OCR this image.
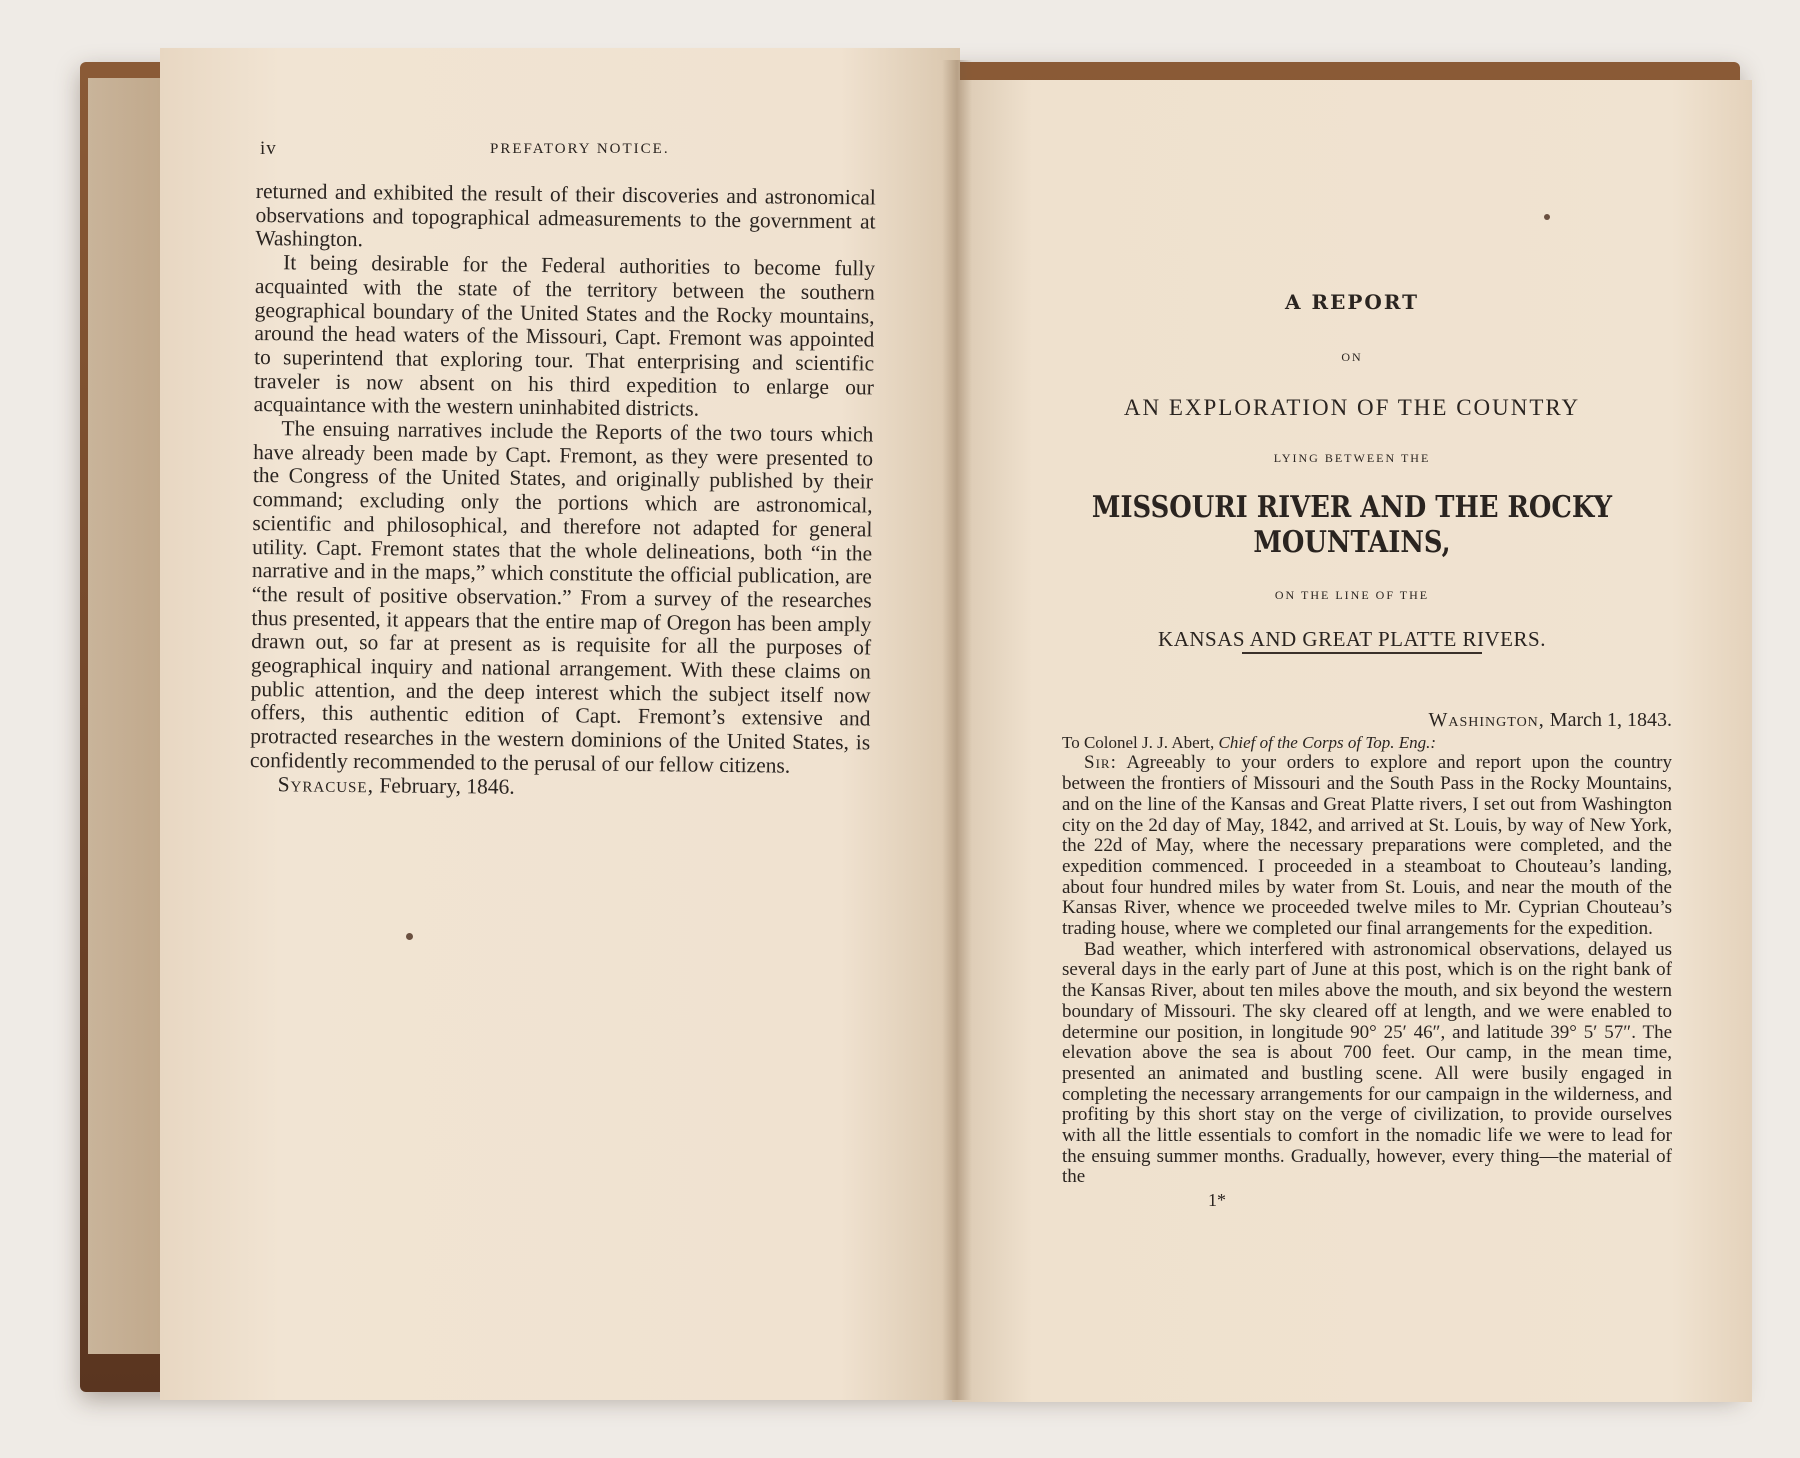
iv	PREFATORY NOTICE.

returned and exhibited the result of their discoveries and astronomical observations and topographical admeasurements to the government at Washington.

It being desirable for the Federal authorities to become fully acquainted with the state of the territory between the southern geographical boundary of the United States and the Rocky mountains, around the head waters of the Missouri, Capt. Fremont was appointed to superintend that exploring tour. That enterprising and scientific traveler is now absent on his third expedition to enlarge our acquaintance with the western uninhabited districts.

The ensuing narratives include the Reports of the two tours which have already been made by Capt. Fremont, as they were presented to the Congress of the United States, and originally published by their command; excluding only the portions which are astronomical, scientific and philosophical, and therefore not adapted for general utility. Capt. Fremont states that the whole delineations, both “in the narrative and in the maps,” which constitute the official publication, are “the result of positive observation.” From a survey of the researches thus presented, it appears that the entire map of Oregon has been amply drawn out, so far at present as is requisite for all the purposes of geographical inquiry and national arrangement. With these claims on public attention, and the deep interest which the subject itself now offers, this authentic edition of Capt. Fremont’s extensive and protracted researches in the western dominions of the United States, is confidently recommended to the perusal of our fellow citizens.

Syracuse, February, 1846.

A REPORT
ON
AN EXPLORATION OF THE COUNTRY
LYING BETWEEN THE
MISSOURI RIVER AND THE ROCKY MOUNTAINS,
ON THE LINE OF THE
KANSAS AND GREAT PLATTE RIVERS.
Washington, March 1, 1843.

To Colonel J. J. Abert, Chief of the Corps of Top. Eng.:

Sir: Agreeably to your orders to explore and report upon the country between the frontiers of Missouri and the South Pass in the Rocky Mountains, and on the line of the Kansas and Great Platte rivers, I set out from Washington city on the 2d day of May, 1842, and arrived at St. Louis, by way of New York, the 22d of May, where the necessary preparations were completed, and the expedition commenced. I proceeded in a steamboat to Chouteau’s landing, about four hundred miles by water from St. Louis, and near the mouth of the Kansas River, whence we proceeded twelve miles to Mr. Cyprian Chouteau’s trading house, where we completed our final arrangements for the expedition.

Bad weather, which interfered with astronomical observations, delayed us several days in the early part of June at this post, which is on the right bank of the Kansas River, about ten miles above the mouth, and six beyond the western boundary of Missouri. The sky cleared off at length, and we were enabled to determine our position, in longitude 90° 25′ 46″, and latitude 39° 5′ 57″. The elevation above the sea is about 700 feet. Our camp, in the mean time, presented an animated and bustling scene. All were busily engaged in completing the necessary arrangements for our campaign in the wilderness, and profiting by this short stay on the verge of civilization, to provide ourselves with all the little essentials to comfort in the nomadic life we were to lead for the ensuing summer months. Gradually, however, every thing—the material of the

1*
